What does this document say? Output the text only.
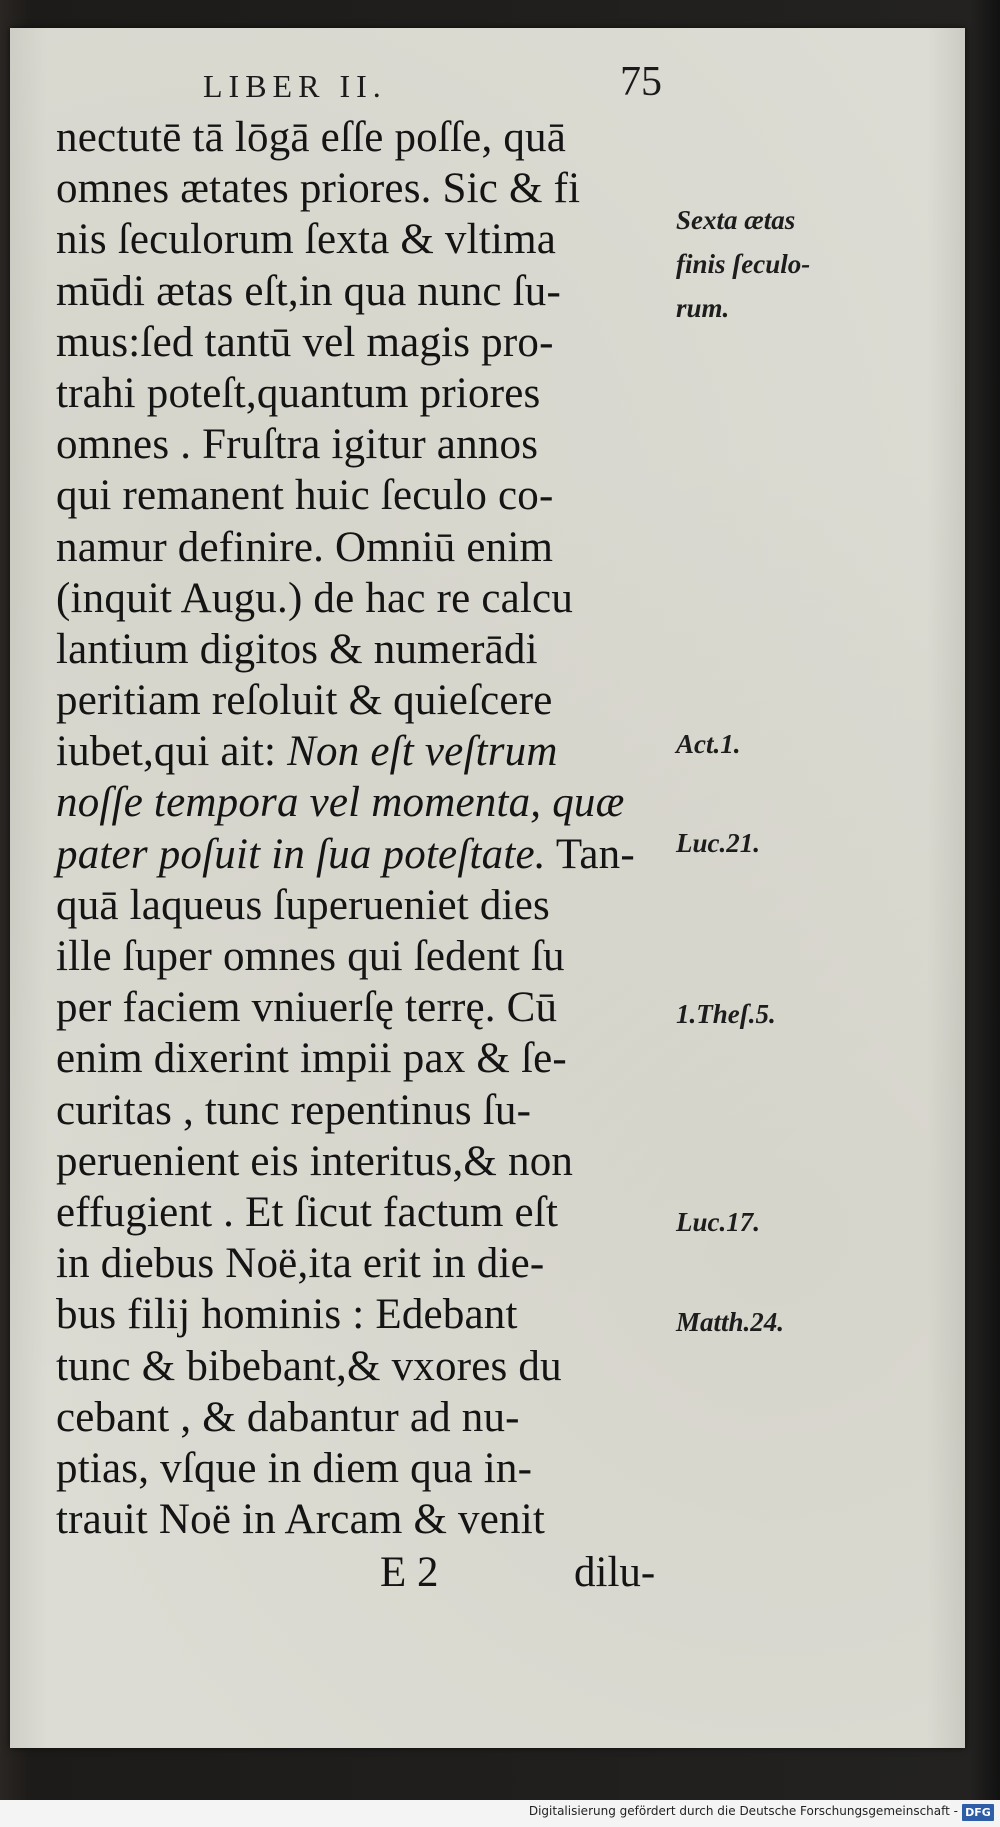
LIBER II.	75
nectutē tā lōgā eſſe poſſe, quā
omnes ætates priores. Sic & fi
nis ſeculorum ſexta & vltima
mūdi ætas eſt,in qua nunc ſu-
mus:ſed tantū vel magis pro-
trahi poteſt,quantum priores
omnes . Fruſtra igitur annos
qui remanent huic ſeculo co-
namur definire. Omniū enim
(inquit Augu.) de hac re calcu
lantium digitos & numerādi
peritiam reſoluit & quieſcere
iubet,qui ait: Non eſt veſtrum
noſſe tempora vel momenta, quæ
pater poſuit in ſua poteſtate. Tan-
quā laqueus ſuperueniet dies
ille ſuper omnes qui ſedent ſu
per faciem vniuerſę terrę. Cū
enim dixerint impii pax & ſe-
curitas , tunc repentinus ſu-
peruenient eis interitus,& non
effugient . Et ſicut factum eſt
in diebus Noë,ita erit in die-
bus filij hominis : Edebant
tunc & bibebant,& vxores du
cebant , & dabantur ad nu-
ptias, vſque in diem qua in-
trauit Noë in Arcam & venit
E 2	dilu-
Sexta ætas
finis ſeculo-
rum.
Act.1.
Luc.21.
1.Theſ.5.
Luc.17.
Matth.24.
Digitalisierung gefördert durch die Deutsche Forschungsgemeinschaft - DFG
